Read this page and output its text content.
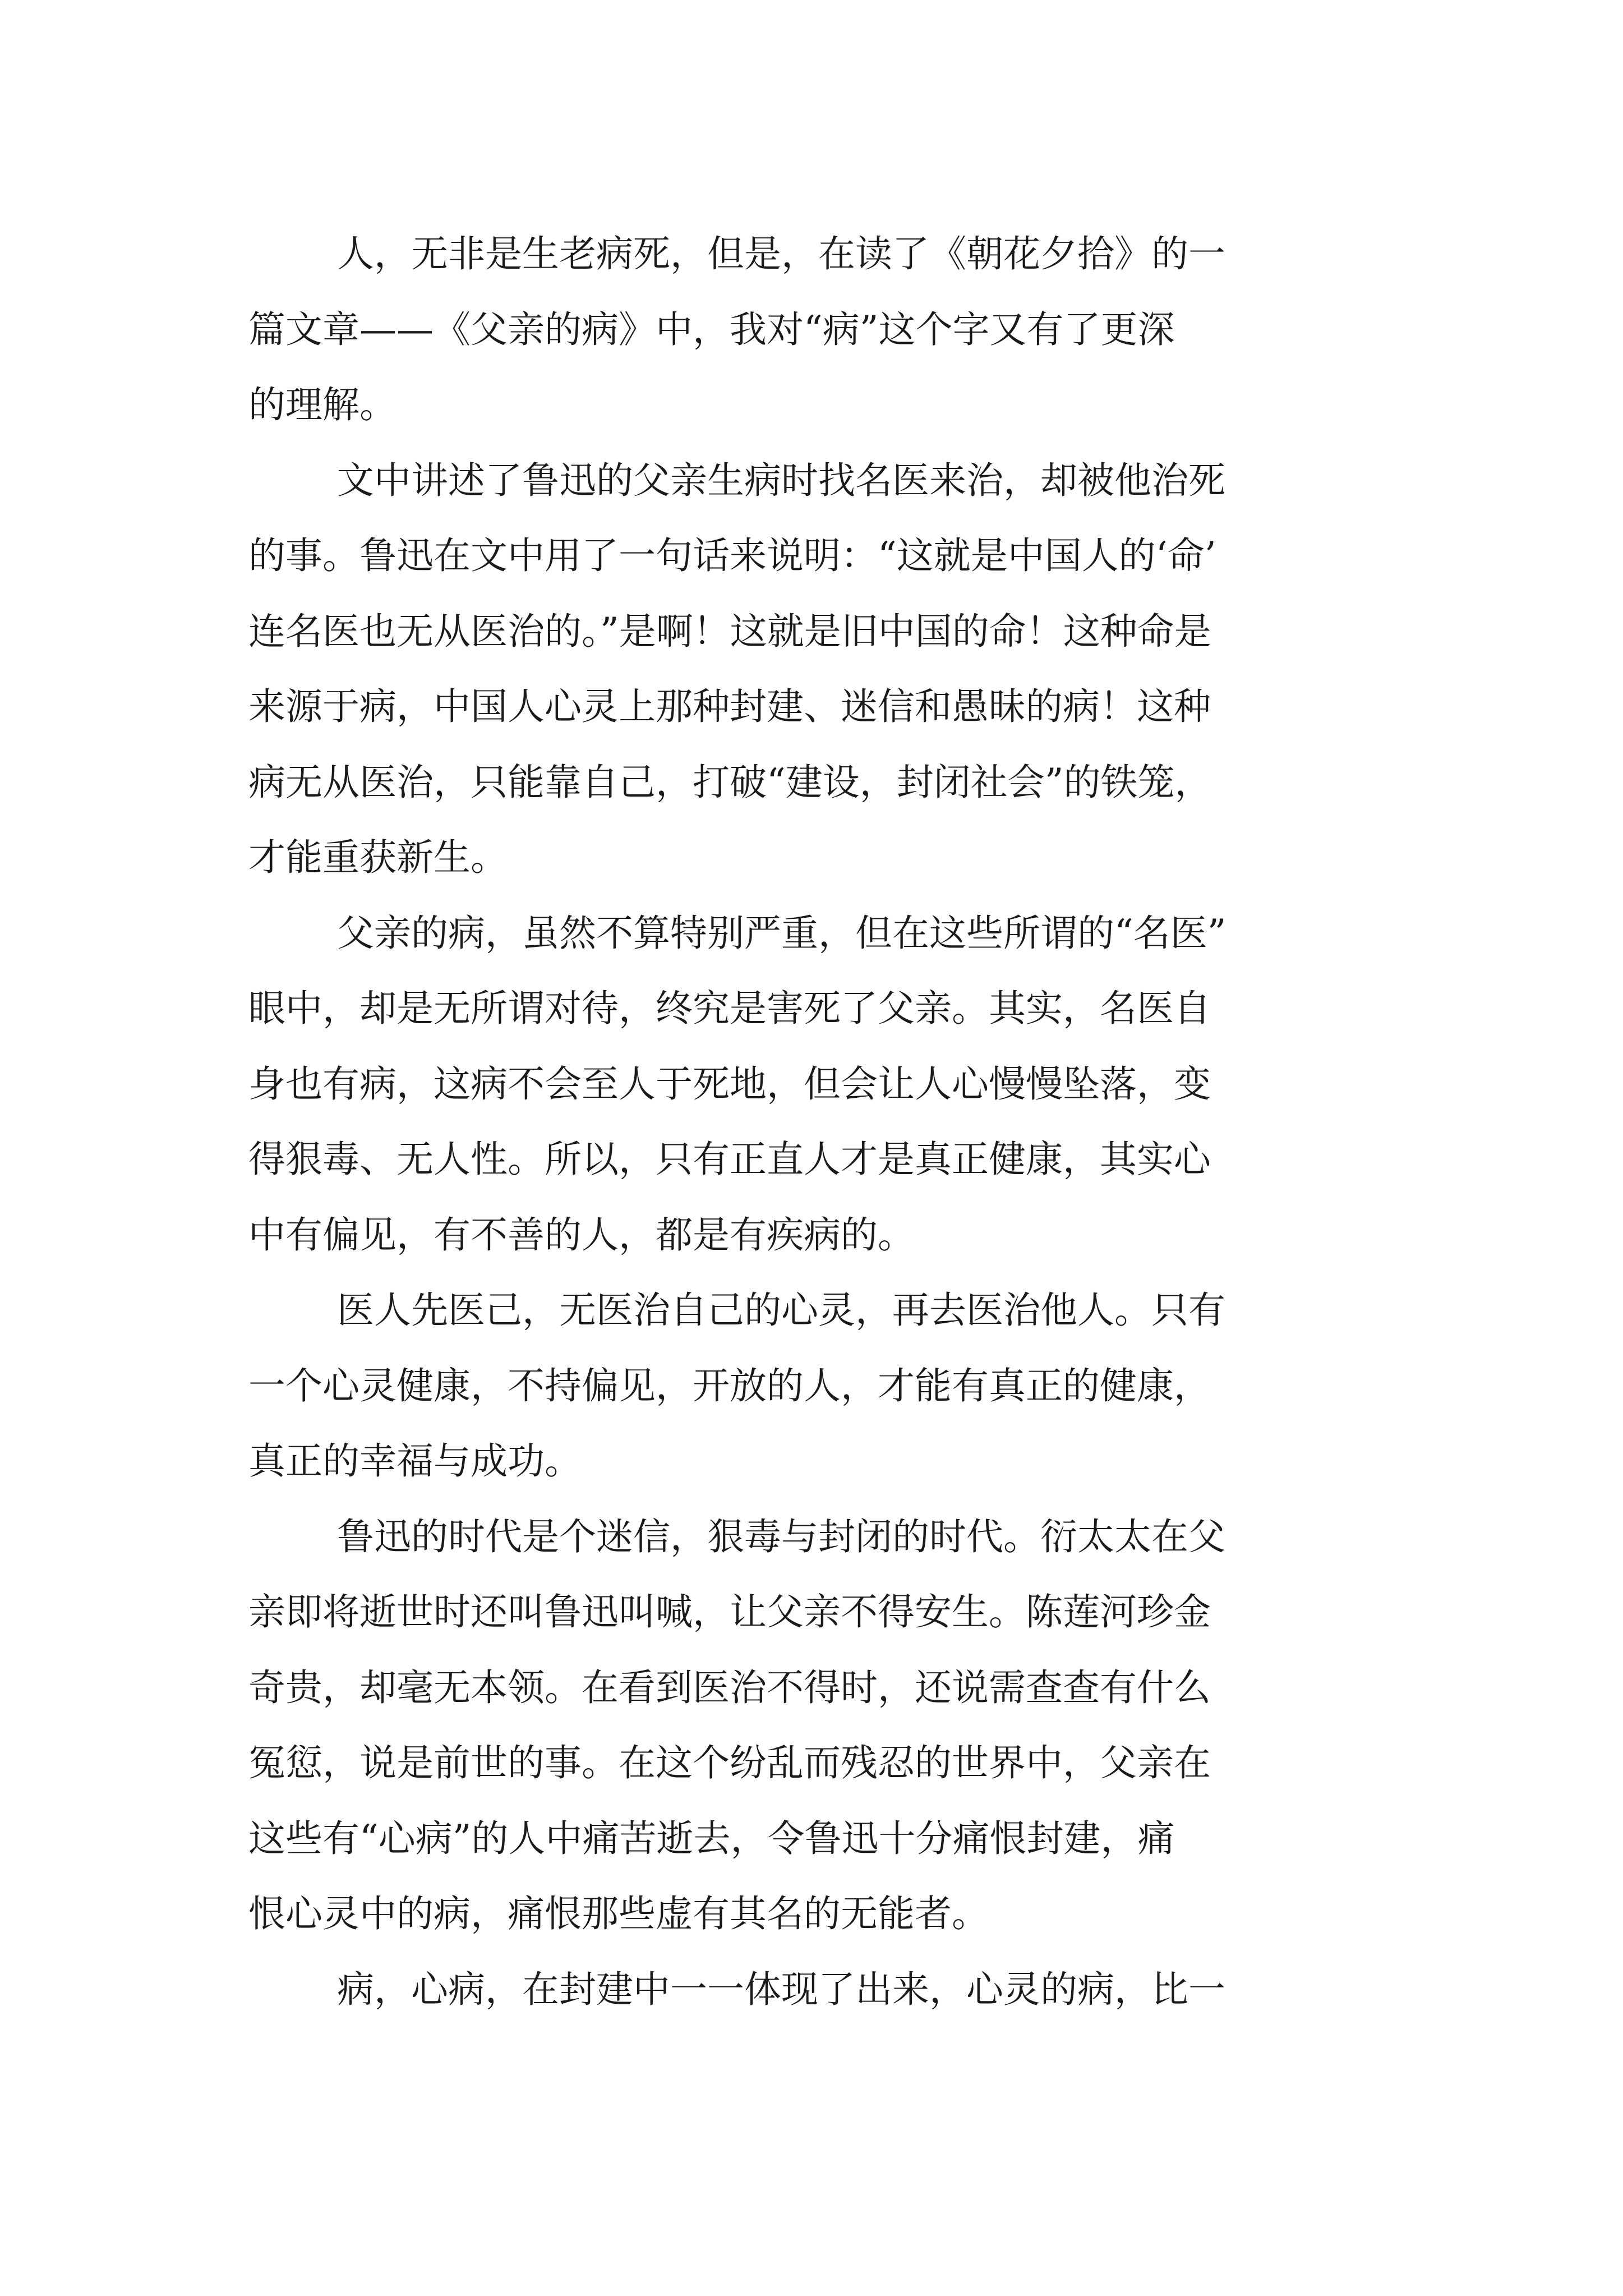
人，无非是生老病死，但是，在读了《朝花夕拾》的一
篇文章——《父亲的病》中，我对“病”这个字又有了更深
的理解。
文中讲述了鲁迅的父亲生病时找名医来治，却被他治死
的事。鲁迅在文中用了一句话来说明：“这就是中国人的‘命’
连名医也无从医治的。”是啊！这就是旧中国的命！这种命是
来源于病，中国人心灵上那种封建、迷信和愚昧的病！这种
病无从医治，只能靠自己，打破“建设，封闭社会”的铁笼，
才能重获新生。
父亲的病，虽然不算特别严重，但在这些所谓的“名医”
眼中，却是无所谓对待，终究是害死了父亲。其实，名医自
身也有病，这病不会至人于死地，但会让人心慢慢坠落，变
得狠毒、无人性。所以，只有正直人才是真正健康，其实心
中有偏见，有不善的人，都是有疾病的。
医人先医己，无医治自己的心灵，再去医治他人。只有
一个心灵健康，不持偏见，开放的人，才能有真正的健康，
真正的幸福与成功。
鲁迅的时代是个迷信，狠毒与封闭的时代。衍太太在父
亲即将逝世时还叫鲁迅叫喊，让父亲不得安生。陈莲河珍金
奇贵，却毫无本领。在看到医治不得时，还说需查查有什么
冤愆，说是前世的事。在这个纷乱而残忍的世界中，父亲在
这些有“心病”的人中痛苦逝去，令鲁迅十分痛恨封建，痛
恨心灵中的病，痛恨那些虚有其名的无能者。
病，心病，在封建中一一体现了出来，心灵的病，比一
